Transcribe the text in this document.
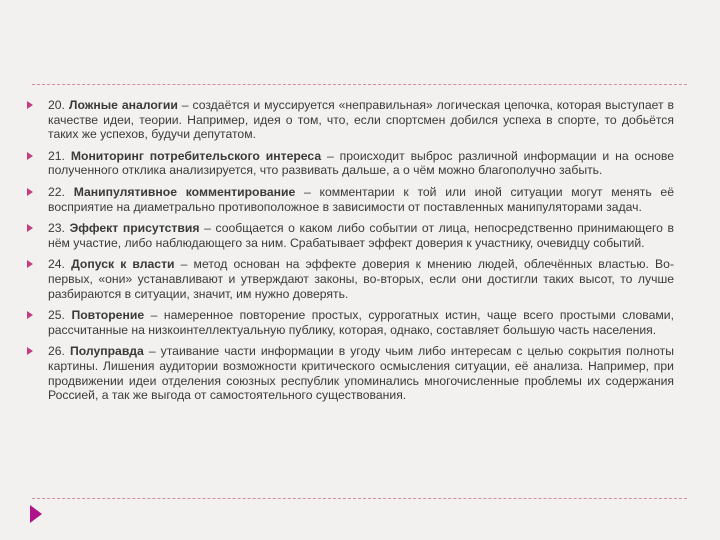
20. Ложные аналогии – создаётся и муссируется «неправильная» логическая цепочка, которая выступает в качестве идеи, теории. Например, идея о том, что, если спортсмен добился успеха в спорте, то добьётся таких же успехов, будучи депутатом.
21. Мониторинг потребительского интереса – происходит выброс различной информации и на основе полученного отклика анализируется, что развивать дальше, а о чём можно благополучно забыть.
22. Манипулятивное комментирование – комментарии к той или иной ситуации могут менять её восприятие на диаметрально противоположное в зависимости от поставленных манипуляторами задач.
23. Эффект присутствия – сообщается о каком либо событии от лица, непосредственно принимающего в нём участие, либо наблюдающего за ним. Срабатывает эффект доверия к участнику, очевидцу событий.
24. Допуск к власти – метод основан на эффекте доверия к мнению людей, облечённых властью. Во-первых, «они» устанавливают и утверждают законы, во-вторых, если они достигли таких высот, то лучше разбираются в ситуации, значит, им нужно доверять.
25. Повторение – намеренное повторение простых, суррогатных истин, чаще всего простыми словами, рассчитанные на низкоинтеллектуальную публику, которая, однако, составляет большую часть населения.
26. Полуправда – утаивание части информации в угоду чьим либо интересам с целью сокрытия полноты картины. Лишения аудитории возможности критического осмысления ситуации, её анализа. Например, при продвижении идеи отделения союзных республик упоминались многочисленные проблемы их содержания Россией, а так же выгода от самостоятельного существования.
